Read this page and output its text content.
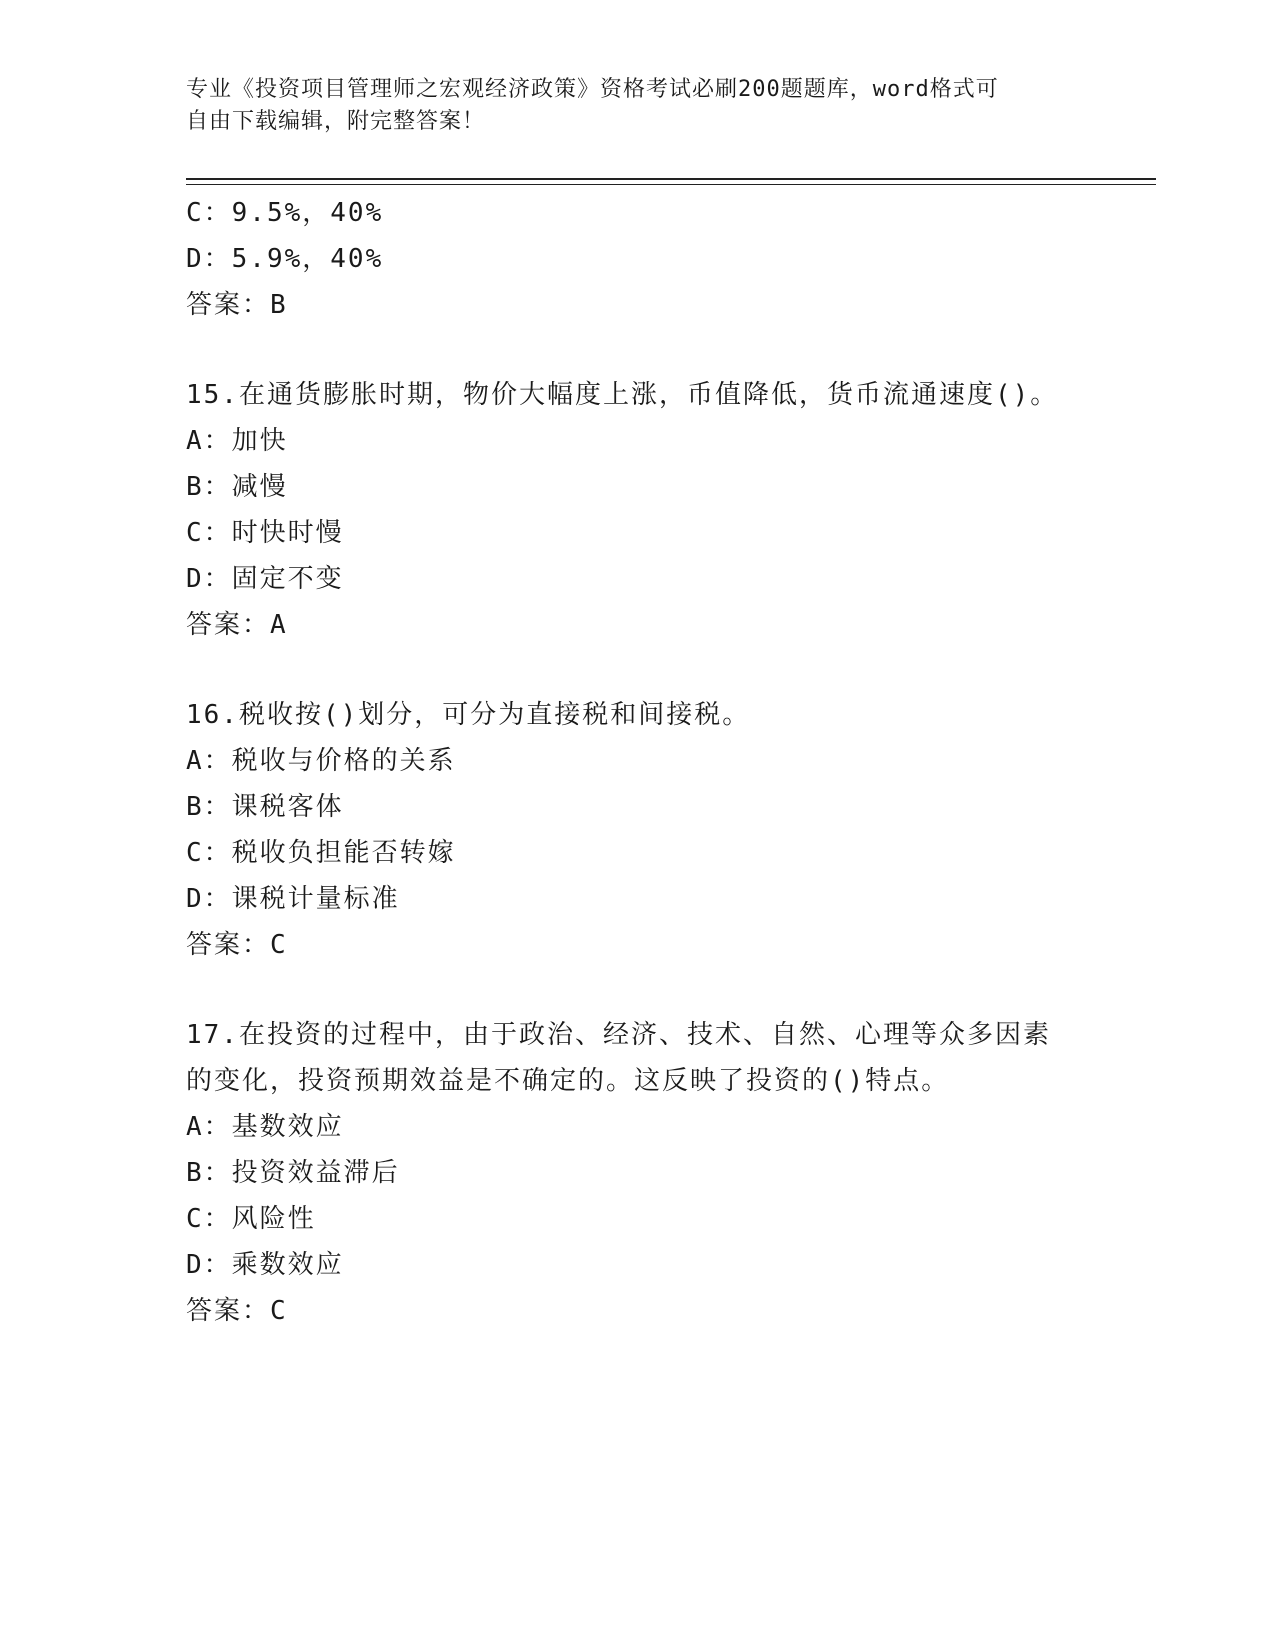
专业《投资项目管理师之宏观经济政策》资格考试必刷200题题库，word格式可
自由下载编辑，附完整答案！
C：9.5%，40%
D：5.9%，40%
答案：B
15.在通货膨胀时期，物价大幅度上涨，币值降低，货币流通速度()。
A：加快
B：减慢
C：时快时慢
D：固定不变
答案：A
16.税收按()划分，可分为直接税和间接税。
A：税收与价格的关系
B：课税客体
C：税收负担能否转嫁
D：课税计量标准
答案：C
17.在投资的过程中，由于政治、经济、技术、自然、心理等众多因素
的变化，投资预期效益是不确定的。这反映了投资的()特点。
A：基数效应
B：投资效益滞后
C：风险性
D：乘数效应
答案：C
